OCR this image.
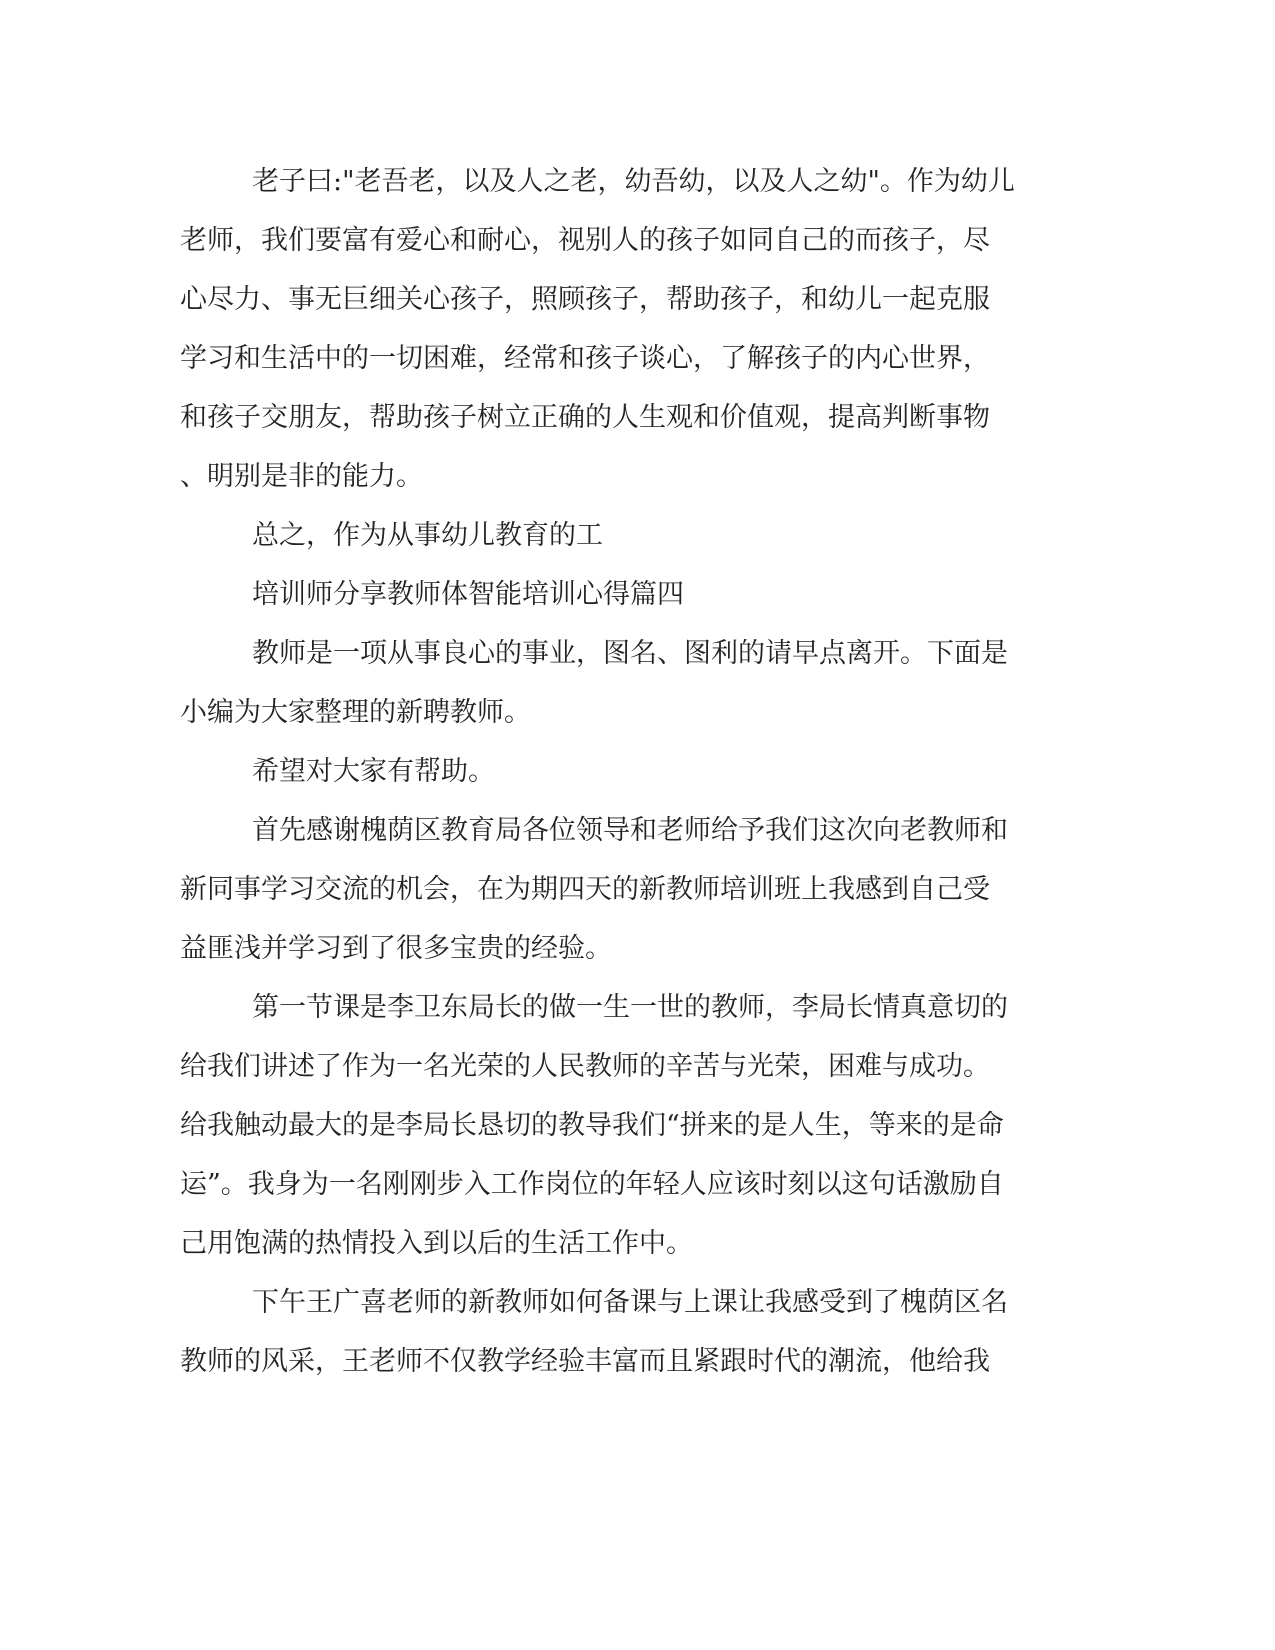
老子曰:"老吾老，以及人之老，幼吾幼，以及人之幼"。作为幼儿
老师，我们要富有爱心和耐心，视别人的孩子如同自己的而孩子，尽
心尽力、事无巨细关心孩子，照顾孩子，帮助孩子，和幼儿一起克服
学习和生活中的一切困难，经常和孩子谈心，了解孩子的内心世界，
和孩子交朋友，帮助孩子树立正确的人生观和价值观，提高判断事物
、明别是非的能力。
总之，作为从事幼儿教育的工
培训师分享教师体智能培训心得篇四
教师是一项从事良心的事业，图名、图利的请早点离开。下面是
小编为大家整理的新聘教师。
希望对大家有帮助。
首先感谢槐荫区教育局各位领导和老师给予我们这次向老教师和
新同事学习交流的机会，在为期四天的新教师培训班上我感到自己受
益匪浅并学习到了很多宝贵的经验。
第一节课是李卫东局长的做一生一世的教师，李局长情真意切的
给我们讲述了作为一名光荣的人民教师的辛苦与光荣，困难与成功。
给我触动最大的是李局长恳切的教导我们“拼来的是人生，等来的是命
运”。我身为一名刚刚步入工作岗位的年轻人应该时刻以这句话激励自
己用饱满的热情投入到以后的生活工作中。
下午王广喜老师的新教师如何备课与上课让我感受到了槐荫区名
教师的风采，王老师不仅教学经验丰富而且紧跟时代的潮流，他给我
